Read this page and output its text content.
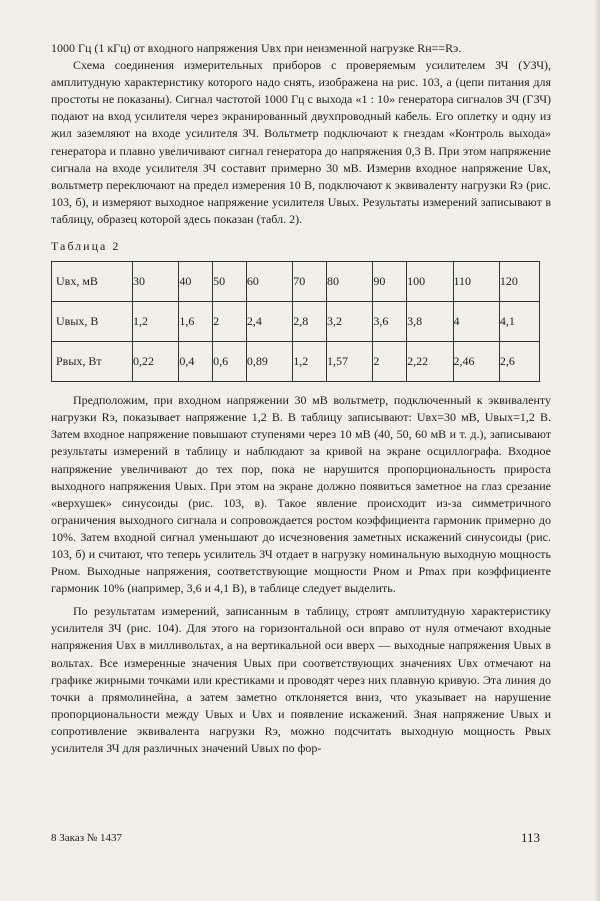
1000 Гц (1 кГц) от входного напряжения Uвх при неизменной нагрузке Rн==Rэ.

Схема соединения измерительных приборов с проверяемым усилителем ЗЧ (УЗЧ), амплитудную характеристику которого надо снять, изображена на рис. 103, а (цепи питания для простоты не показаны). Сигнал частотой 1000 Гц с выхода «1 : 10» генератора сигналов ЗЧ (ГЗЧ) подают на вход усилителя через экранированный двухпроводный кабель. Его оплетку и одну из жил заземляют на входе усилителя ЗЧ. Вольтметр подключают к гнездам «Контроль выхода» генератора и плавно увеличивают сигнал генератора до напряжения 0,3 В. При этом напряжение сигнала на входе усилителя ЗЧ составит примерно 30 мВ. Измерив входное напряжение Uвх, вольтметр переключают на предел измерения 10 В, подключают к эквиваленту нагрузки Rэ (рис. 103, б), и измеряют выходное напряжение усилителя Uвых. Результаты измерений записывают в таблицу, образец которой здесь показан (табл. 2).

Таблица 2
Uвх, мВ	30	40	50	60	70	80	90	100	110	120
Uвых, В	1,2	1,6	2	2,4	2,8	3,2	3,6	3,8	4	4,1
Pвых, Вт	0,22	0,4	0,6	0,89	1,2	1,57	2	2,22	2,46	2,6

Предположим, при входном напряжении 30 мВ вольтметр, подключенный к эквиваленту нагрузки Rэ, показывает напряжение 1,2 В. В таблицу записывают: Uвх=30 мВ, Uвых=1,2 В. Затем входное напряжение повышают ступенями через 10 мВ (40, 50, 60 мВ и т. д.), записывают результаты измерений в таблицу и наблюдают за кривой на экране осциллографа. Входное напряжение увеличивают до тех пор, пока не нарушится пропорциональность прироста выходного напряжения Uвых. При этом на экране должно появиться заметное на глаз срезание «верхушек» синусоиды (рис. 103, в). Такое явление происходит из-за симметричного ограничения выходного сигнала и сопровождается ростом коэффициента гармоник примерно до 10%. Затем входной сигнал уменьшают до исчезновения заметных искажений синусоиды (рис. 103, б) и считают, что теперь усилитель ЗЧ отдает в нагрузку номинальную выходную мощность Pном. Выходные напряжения, соответствующие мощности Pном и Pmax при коэффициенте гармоник 10% (например, 3,6 и 4,1 В), в таблице следует выделить.

По результатам измерений, записанным в таблицу, строят амплитудную характеристику усилителя ЗЧ (рис. 104). Для этого на горизонтальной оси вправо от нуля отмечают входные напряжения Uвх в милливольтах, а на вертикальной оси вверх — выходные напряжения Uвых в вольтах. Все измеренные значения Uвых при соответствующих значениях Uвх отмечают на графике жирными точками или крестиками и проводят через них плавную кривую. Эта линия до точки а прямолинейна, а затем заметно отклоняется вниз, что указывает на нарушение пропорциональности между Uвых и Uвх и появление искажений. Зная напряжение Uвых и сопротивление эквивалента нагрузки Rэ, можно подсчитать выходную мощность Pвых усилителя ЗЧ для различных значений Uвых по фор-

8 Заказ № 1437	113
